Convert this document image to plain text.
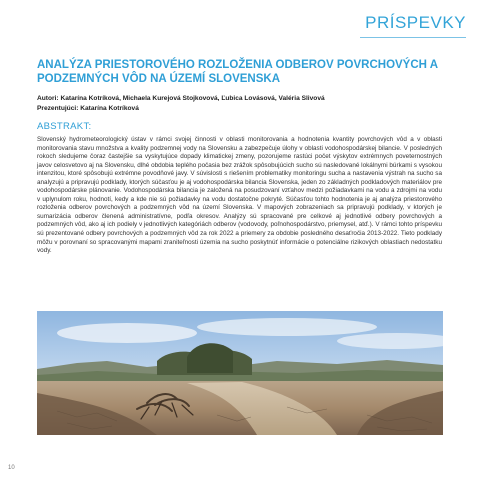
PRÍSPEVKY
ANALÝZA PRIESTOROVÉHO ROZLOŽENIA ODBEROV POVRCHOVÝCH A PODZEMNÝCH VÔD NA ÚZEMÍ SLOVENSKA
Autori: Katarína Kotríková, Michaela Kurejová Stojkovová, Ľubica Lovásová, Valéria Slivová
Prezentujúci: Katarína Kotríková
ABSTRAKT:
Slovenský hydrometeorologický ústav v rámci svojej činnosti v oblasti monitorovania a hodnotenia kvantity povrchových vôd a v oblasti monitorovania stavu množstva a kvality podzemnej vody na Slovensku a zabezpečuje úlohy v oblasti vodohospodárskej bilancie. V posledných rokoch sledujeme čoraz častejšie sa vyskytujúce dopady klimatickej zmeny, pozorujeme rastúci počet výskytov extrémnych poveternostných javov celosvetovo aj na Slovensku, dlhé obdobia teplého počasia bez zrážok spôsobujúcich sucho sú nasledované lokálnymi búrkami s vysokou intenzitou, ktoré spôsobujú extrémne povodňové javy. V súvislosti s riešením problematiky monitoringu sucha a nastavenia výstrah na sucho sa analyzujú a pripravujú podklady, ktorých súčasťou je aj vodohospodárska bilancia Slovenska, jeden zo základných podkladových materiálov pre vodohospodárske plánovanie. Vodohospodárska bilancia je založená na posudzovaní vzťahov medzi požiadavkami na vodu a zdrojmi na vodu v uplynulom roku, hodnotí, kedy a kde nie sú požiadavky na vodu dostatočne pokryté. Súčasťou tohto hodnotenia je aj analýza priestorového rozloženia odberov povrchových a podzemných vôd na území Slovenska. V mapových zobrazeniach sa pripravujú podklady, v ktorých je sumarizácia odberov členená administratívne, podľa okresov. Analýzy sú spracované pre celkové aj jednotlivé odbery povrchových a podzemných vôd, ako aj ich podiely v jednotlivých kategóriách odberov (vodovody, poľnohospodárstvo, priemysel, atď.). V rámci tohto príspevku sú prezentované odbery povrchových a podzemných vôd za rok 2022 a priemery za obdobie posledného desaťročia 2013-2022. Tieto podklady môžu v porovnaní so spracovanými mapami zraniteľnosti územia na sucho poskytnúť informácie o potenciálne rizikových oblastiach nedostatku vody.
10
